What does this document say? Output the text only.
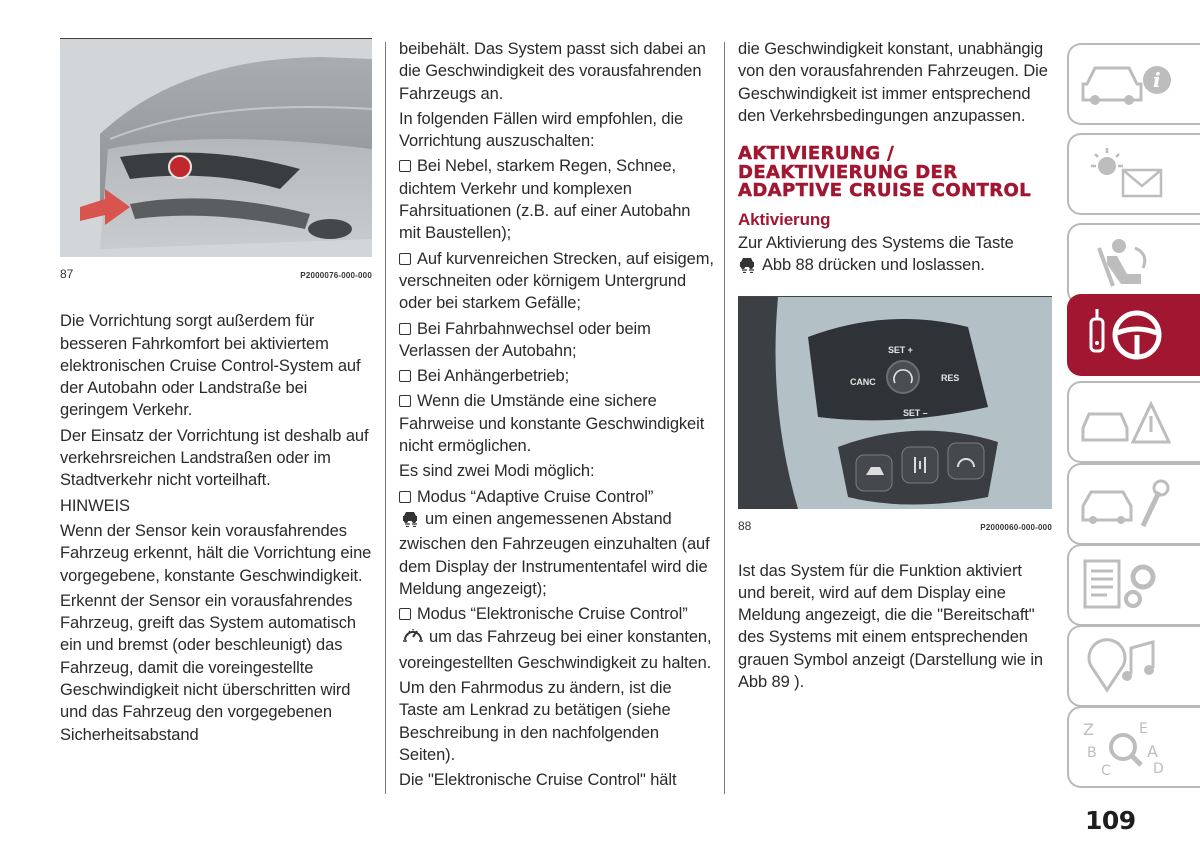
87	P2000076-000-000

Die Vorrichtung sorgt außerdem für besseren Fahrkomfort bei aktiviertem elektronischen Cruise Control-System auf der Autobahn oder Landstraße bei geringem Verkehr.

Der Einsatz der Vorrichtung ist deshalb auf verkehrsreichen Landstraßen oder im Stadtverkehr nicht vorteilhaft.

HINWEIS

Wenn der Sensor kein vorausfahrendes Fahrzeug erkennt, hält die Vorrichtung eine vorgegebene, konstante Geschwindigkeit.

Erkennt der Sensor ein vorausfahrendes Fahrzeug, greift das System automatisch ein und bremst (oder beschleunigt) das Fahrzeug, damit die voreingestellte Geschwindigkeit nicht überschritten wird und das Fahrzeug den vorgegebenen Sicherheitsabstand

beibehält. Das System passt sich dabei an die Geschwindigkeit des vorausfahrenden Fahrzeugs an.

In folgenden Fällen wird empfohlen, die Vorrichtung auszuschalten:

Bei Nebel, starkem Regen, Schnee, dichtem Verkehr und komplexen Fahrsituationen (z.B. auf einer Autobahn mit Baustellen);

Auf kurvenreichen Strecken, auf eisigem, verschneiten oder körnigem Untergrund oder bei starkem Gefälle;

Bei Fahrbahnwechsel oder beim Verlassen der Autobahn;

Bei Anhängerbetrieb;

Wenn die Umstände eine sichere Fahrweise und konstante Geschwindigkeit nicht ermöglichen.

Es sind zwei Modi möglich:

Modus “Adaptive Cruise Control”
um einen angemessenen Abstand zwischen den Fahrzeugen einzuhalten (auf dem Display der Instrumententafel wird die Meldung angezeigt);

Modus “Elektronische Cruise Control”um das Fahrzeug bei einer konstanten, voreingestellten Geschwindigkeit zu halten.

Um den Fahrmodus zu ändern, ist die Taste am Lenkrad zu betätigen (siehe Beschreibung in den nachfolgenden Seiten).

Die "Elektronische Cruise Control" hält

die Geschwindigkeit konstant, unabhängig von den vorausfahrenden Fahrzeugen. Die Geschwindigkeit ist immer entsprechend den Verkehrsbedingungen anzupassen.

AKTIVIERUNG / DEAKTIVIERUNG DER ADAPTIVE CRUISE CONTROL
Aktivierung

Zur Aktivierung des Systems die Taste
Abb 88 drücken und loslassen.

SET +
CANC	RES
SET –
88	P2000060-000-000

Ist das System für die Funktion aktiviert und bereit, wird auf dem Display eine Meldung angezeigt, die die "Bereitschaft" des Systems mit einem entsprechenden grauen Symbol anzeigt (Darstellung wie in Abb 89 ).

i
Z	E
B	A
C	D
109
